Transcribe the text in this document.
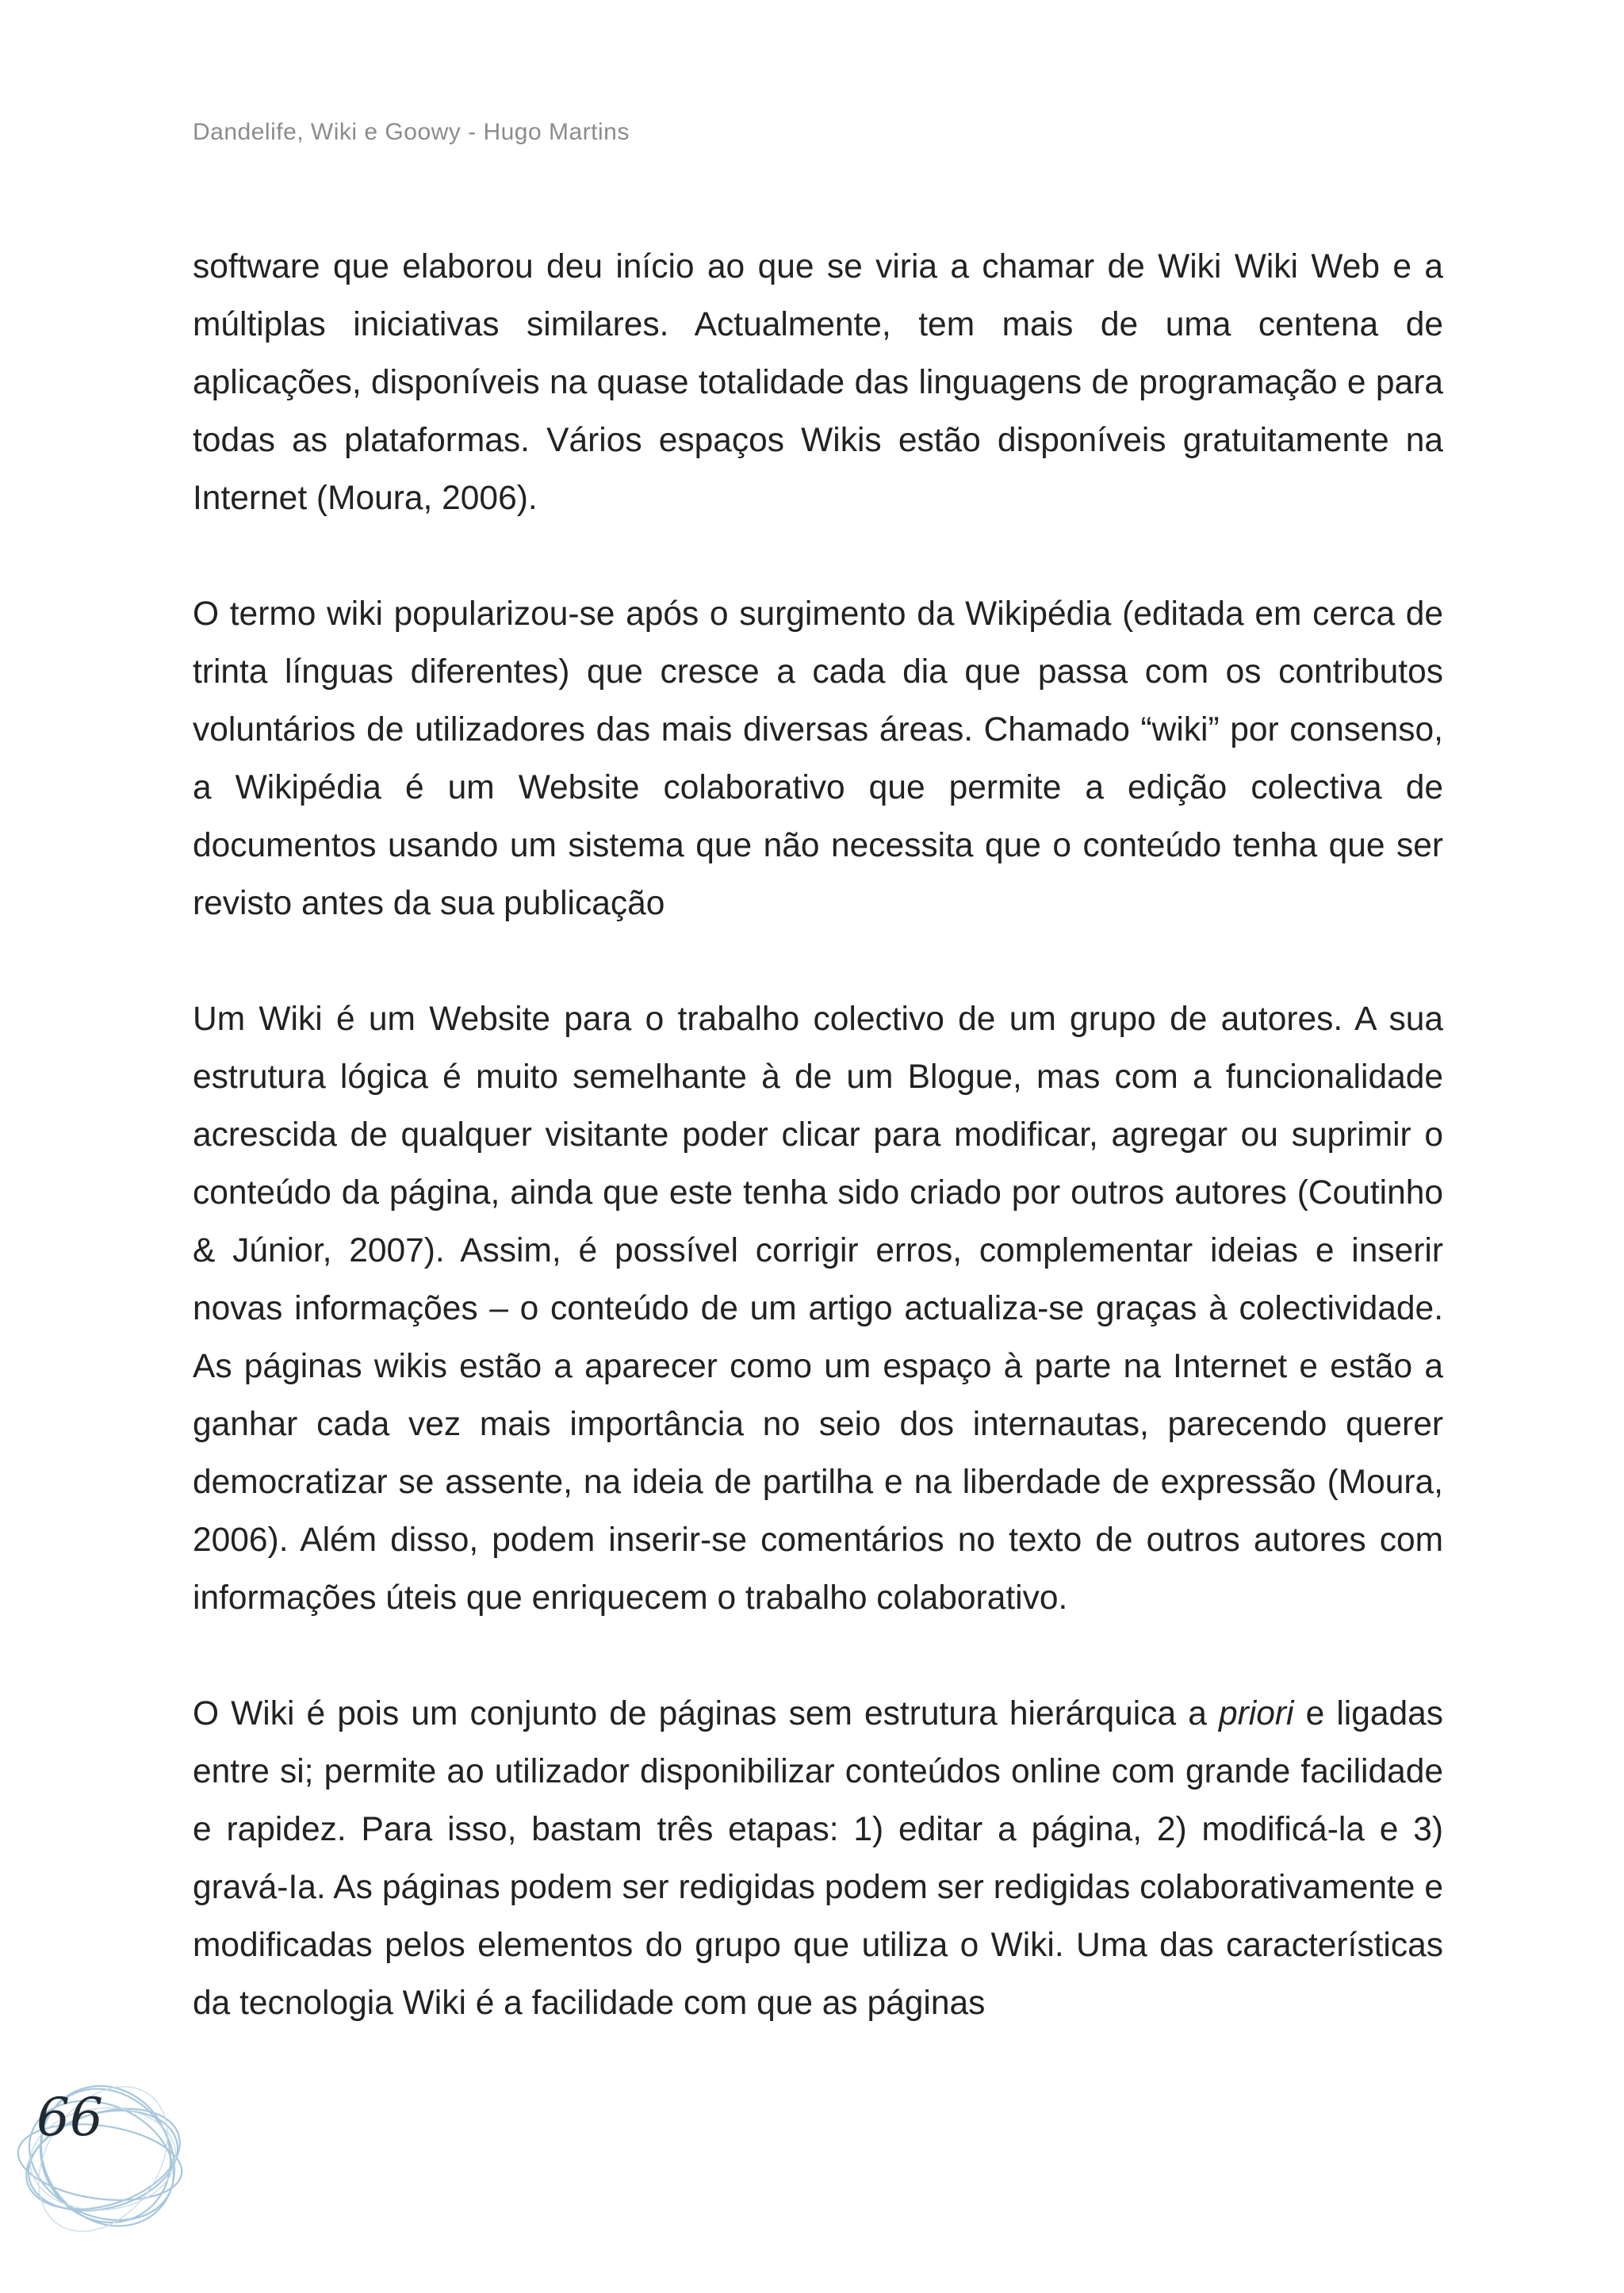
Dandelife, Wiki e Goowy - Hugo Martins

software que elaborou deu início ao que se viria a chamar de Wiki Wiki Web e a múltiplas iniciativas similares. Actualmente, tem mais de uma centena de aplicações, disponíveis na quase totalidade das linguagens de programação e para todas as plataformas. Vários espaços Wikis estão disponíveis gratuitamente na Internet (Moura, 2006).

O termo wiki popularizou-se após o surgimento da Wikipédia (editada em cerca de trinta línguas diferentes) que cresce a cada dia que passa com os contributos voluntários de utilizadores das mais diversas áreas. Chamado “wiki” por consenso, a Wikipédia é um Website colaborativo que permite a edição colectiva de documentos usando um sistema que não necessita que o conteúdo tenha que ser revisto antes da sua publicação

Um Wiki é um Website para o trabalho colectivo de um grupo de autores. A sua estrutura lógica é muito semelhante à de um Blogue, mas com a funcionalidade acrescida de qualquer visitante poder clicar para modificar, agregar ou suprimir o conteúdo da página, ainda que este tenha sido criado por outros autores (Coutinho & Júnior, 2007). Assim, é possível corrigir erros, complementar ideias e inserir novas informações – o conteúdo de um artigo actualiza-se graças à colectividade. As páginas wikis estão a aparecer como um espaço à parte na Internet e estão a ganhar cada vez mais importância no seio dos internautas, parecendo querer democratizar se assente, na ideia de partilha e na liberdade de expressão (Moura, 2006). Além disso, podem inserir-se comentários no texto de outros autores com informações úteis que enriquecem o trabalho colaborativo.

O Wiki é pois um conjunto de páginas sem estrutura hierárquica a priori e ligadas entre si; permite ao utilizador disponibilizar conteúdos online com grande facilidade e rapidez. Para isso, bastam três etapas: 1) editar a página, 2) modificá-la e 3) gravá-Ia. As páginas podem ser redigidas podem ser redigidas colaborativamente e modificadas pelos elementos do grupo que utiliza o Wiki. Uma das características da tecnologia Wiki é a facilidade com que as páginas

66
